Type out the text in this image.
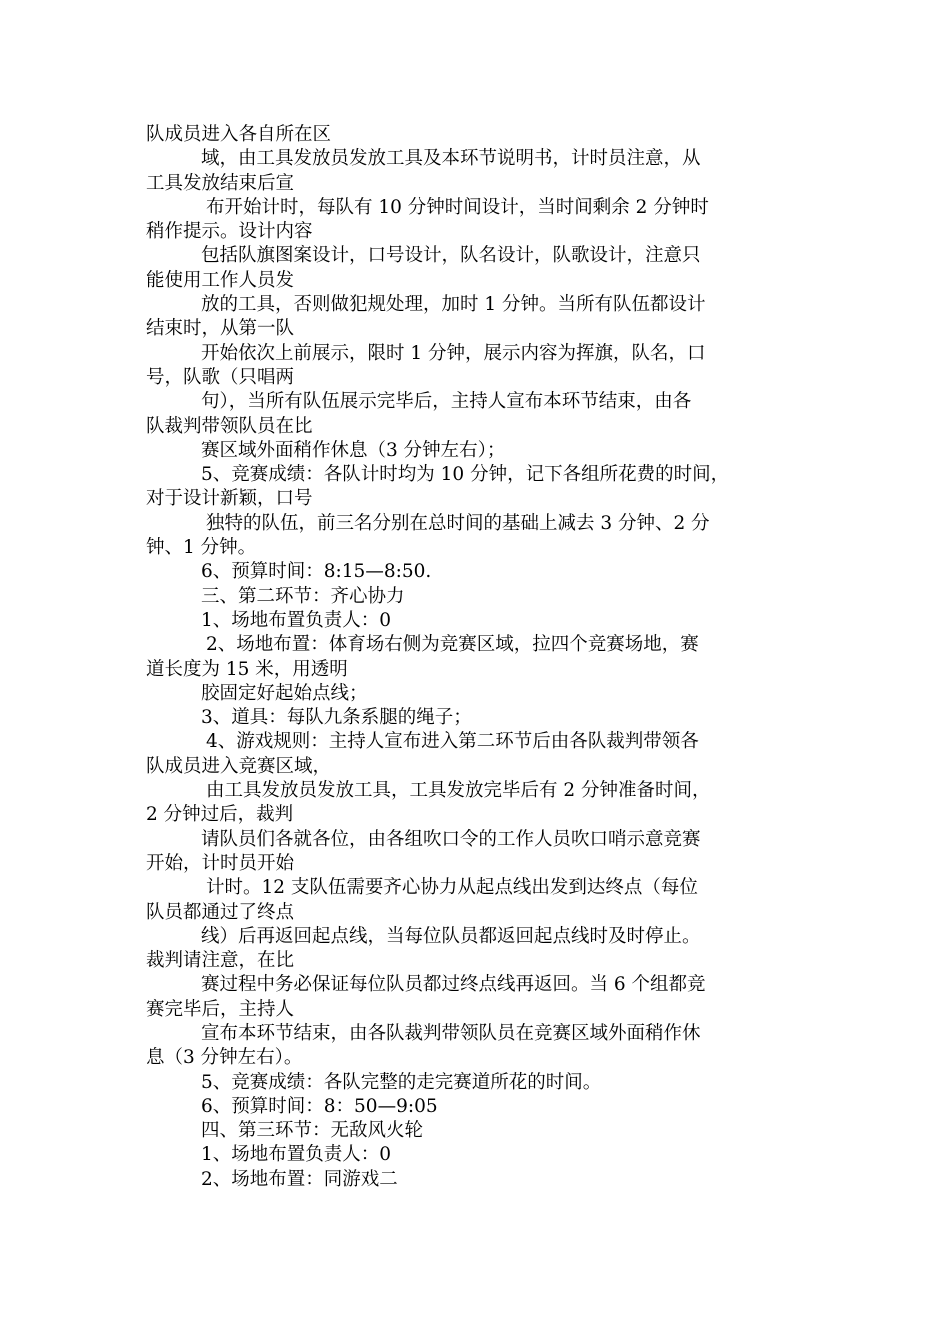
队成员进入各自所在区
域，由工具发放员发放工具及本环节说明书，计时员注意，从
工具发放结束后宣
布开始计时，每队有 10 分钟时间设计，当时间剩余 2 分钟时
稍作提示。设计内容
包括队旗图案设计，口号设计，队名设计，队歌设计，注意只
能使用工作人员发
放的工具，否则做犯规处理，加时 1 分钟。当所有队伍都设计
结束时，从第一队
开始依次上前展示，限时 1 分钟，展示内容为挥旗，队名，口
号，队歌（只唱两
句），当所有队伍展示完毕后，主持人宣布本环节结束，由各
队裁判带领队员在比
赛区域外面稍作休息（3 分钟左右）；
5、竞赛成绩：各队计时均为 10 分钟，记下各组所花费的时间，
对于设计新颖，口号
独特的队伍，前三名分别在总时间的基础上减去 3 分钟、2 分
钟、1 分钟。
6、预算时间：8:15—8:50.
三、第二环节：齐心协力
1、场地布置负责人：0
2、场地布置：体育场右侧为竞赛区域，拉四个竞赛场地，赛
道长度为 15 米，用透明
胶固定好起始点线；
3、道具：每队九条系腿的绳子；
4、游戏规则：主持人宣布进入第二环节后由各队裁判带领各
队成员进入竞赛区域，
由工具发放员发放工具，工具发放完毕后有 2 分钟准备时间，
2 分钟过后，裁判
请队员们各就各位，由各组吹口令的工作人员吹口哨示意竞赛
开始，计时员开始
计时。12 支队伍需要齐心协力从起点线出发到达终点（每位
队员都通过了终点
线）后再返回起点线，当每位队员都返回起点线时及时停止。
裁判请注意，在比
赛过程中务必保证每位队员都过终点线再返回。当 6 个组都竞
赛完毕后，主持人
宣布本环节结束，由各队裁判带领队员在竞赛区域外面稍作休
息（3 分钟左右）。
5、竞赛成绩：各队完整的走完赛道所花的时间。
6、预算时间：8：50—9:05
四、第三环节：无敌风火轮
1、场地布置负责人：0
2、场地布置：同游戏二
